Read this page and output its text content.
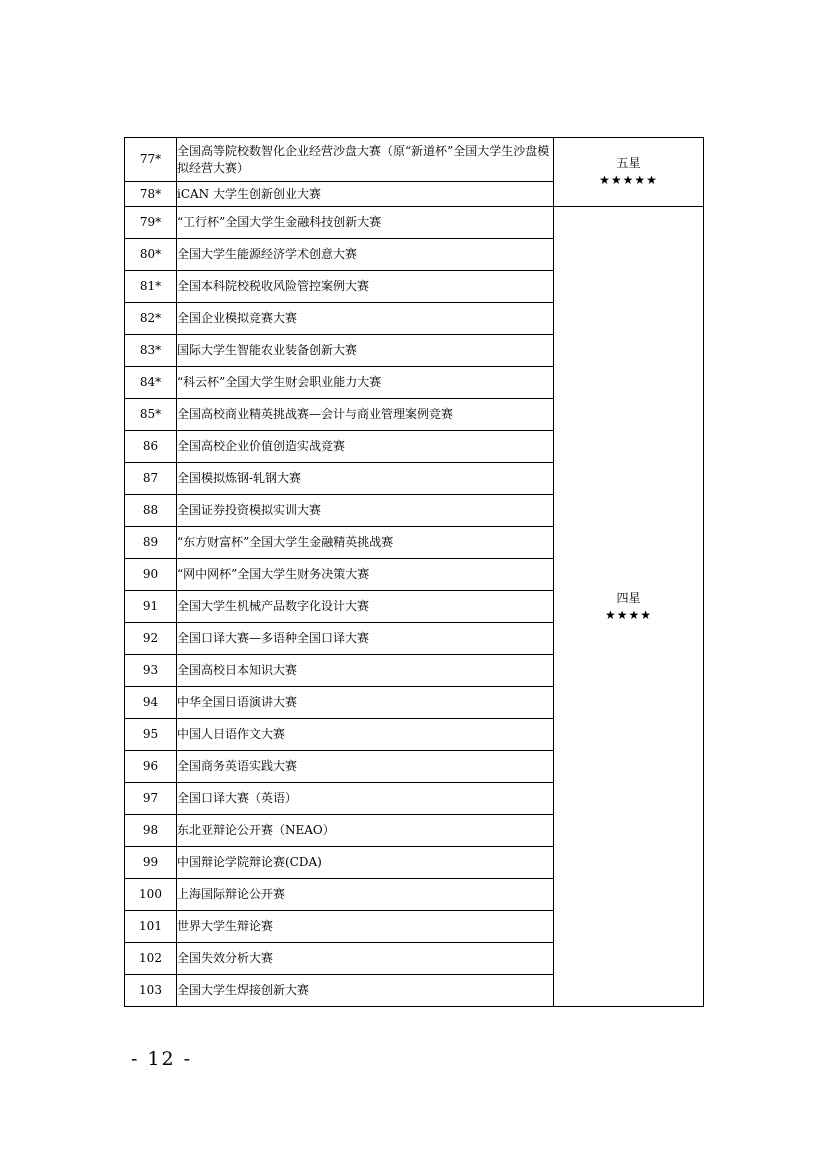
77*	全国高等院校数智化企业经营沙盘大赛（原“新道杯”全国大学生沙盘模拟经营大赛）	五星
★★★★★

78*	iCAN 大学生创新创业大赛	
79*	“工行杯”全国大学生金融科技创新大赛	四星
★★★★

80*	全国大学生能源经济学术创意大赛	
81*	全国本科院校税收风险管控案例大赛	
82*	全国企业模拟竞赛大赛	
83*	国际大学生智能农业装备创新大赛	
84*	“科云杯”全国大学生财会职业能力大赛	
85*	全国高校商业精英挑战赛—会计与商业管理案例竞赛	
86	全国高校企业价值创造实战竞赛	
87	全国模拟炼钢-轧钢大赛	
88	全国证券投资模拟实训大赛	
89	“东方财富杯”全国大学生金融精英挑战赛	
90	“网中网杯”全国大学生财务决策大赛	
91	全国大学生机械产品数字化设计大赛	
92	全国口译大赛—多语种全国口译大赛	
93	全国高校日本知识大赛	
94	中华全国日语演讲大赛	
95	中国人日语作文大赛	
96	全国商务英语实践大赛	
97	全国口译大赛（英语）	
98	东北亚辩论公开赛（NEAO）	
99	中国辩论学院辩论赛(CDA)	
100	上海国际辩论公开赛	
101	世界大学生辩论赛	
102	全国失效分析大赛	
103	全国大学生焊接创新大赛	
- 12 -
